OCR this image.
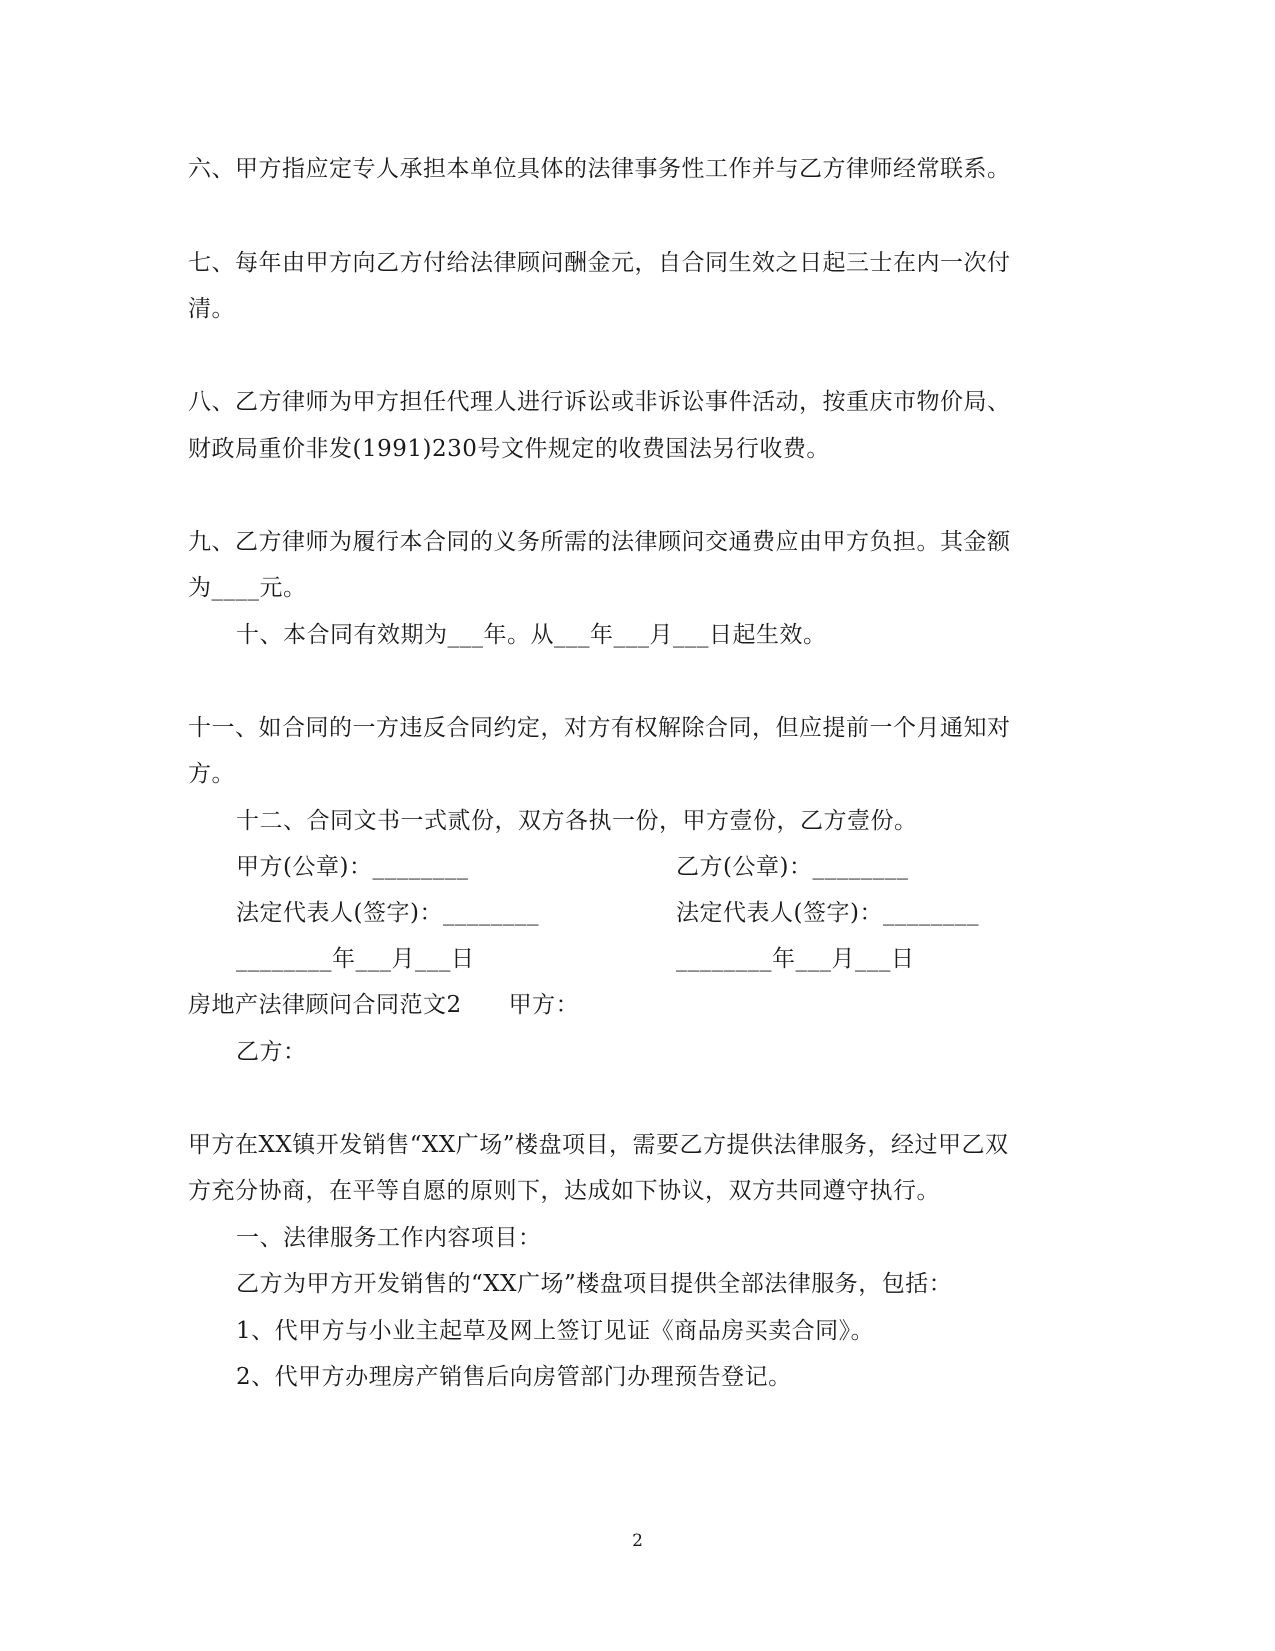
六、甲方指应定专人承担本单位具体的法律事务性工作并与乙方律师经常联系。
七、每年由甲方向乙方付给法律顾问酬金元，自合同生效之日起三士在内一次付
清。
八、乙方律师为甲方担任代理人进行诉讼或非诉讼事件活动，按重庆市物价局、
财政局重价非发(1991)230号文件规定的收费国法另行收费。
九、乙方律师为履行本合同的义务所需的法律顾问交通费应由甲方负担。其金额
为____元。
十、本合同有效期为___年。从___年___月___日起生效。
十一、如合同的一方违反合同约定，对方有权解除合同，但应提前一个月通知对
方。
十二、合同文书一式贰份，双方各执一份，甲方壹份，乙方壹份。
甲方(公章)：________	乙方(公章)：________
法定代表人(签字)：________	法定代表人(签字)：________
________年___月___日	________年___月___日
房地产法律顾问合同范文2　　甲方：
乙方：
甲方在XX镇开发销售“XX广场”楼盘项目，需要乙方提供法律服务，经过甲乙双
方充分协商，在平等自愿的原则下，达成如下协议，双方共同遵守执行。
一、法律服务工作内容项目：
乙方为甲方开发销售的“XX广场”楼盘项目提供全部法律服务，包括：
1、代甲方与小业主起草及网上签订见证《商品房买卖合同》。
2、代甲方办理房产销售后向房管部门办理预告登记。
2
